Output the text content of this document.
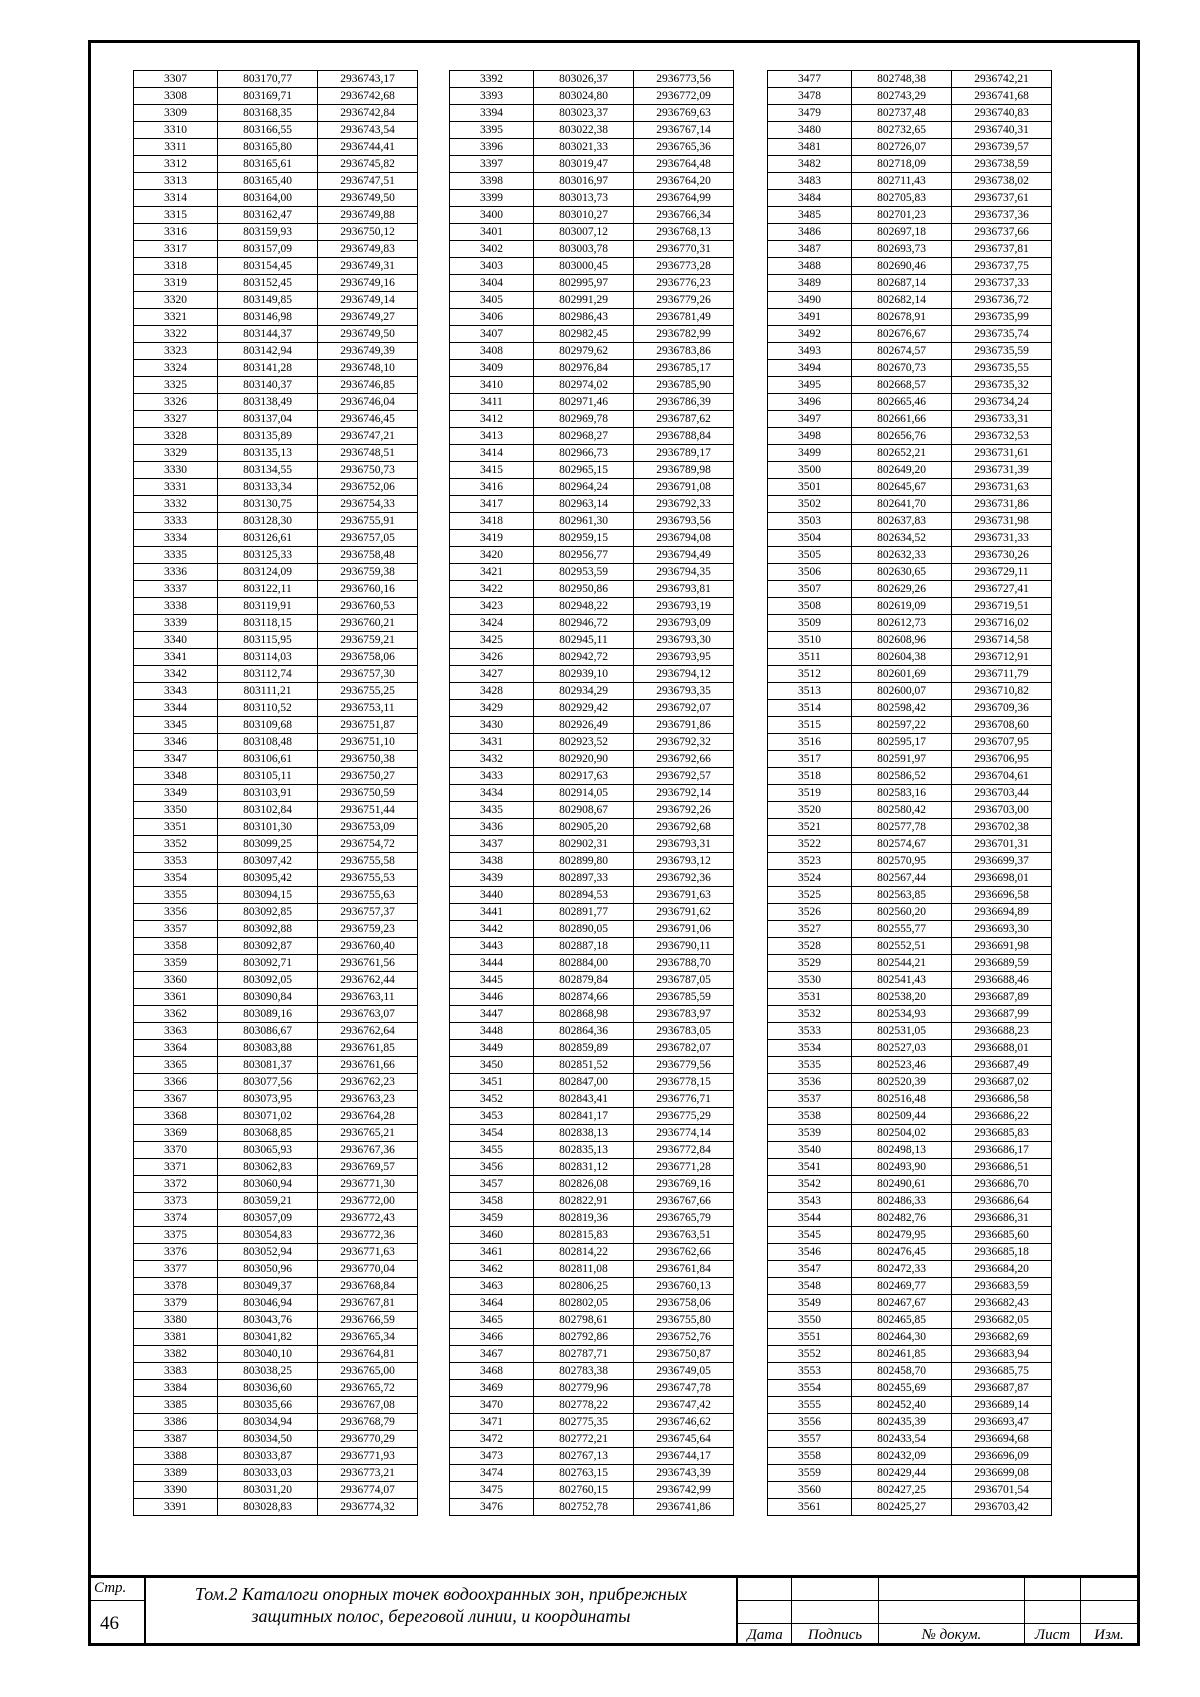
3307	803170,77	2936743,17
3308	803169,71	2936742,68
3309	803168,35	2936742,84
3310	803166,55	2936743,54
3311	803165,80	2936744,41
3312	803165,61	2936745,82
3313	803165,40	2936747,51
3314	803164,00	2936749,50
3315	803162,47	2936749,88
3316	803159,93	2936750,12
3317	803157,09	2936749,83
3318	803154,45	2936749,31
3319	803152,45	2936749,16
3320	803149,85	2936749,14
3321	803146,98	2936749,27
3322	803144,37	2936749,50
3323	803142,94	2936749,39
3324	803141,28	2936748,10
3325	803140,37	2936746,85
3326	803138,49	2936746,04
3327	803137,04	2936746,45
3328	803135,89	2936747,21
3329	803135,13	2936748,51
3330	803134,55	2936750,73
3331	803133,34	2936752,06
3332	803130,75	2936754,33
3333	803128,30	2936755,91
3334	803126,61	2936757,05
3335	803125,33	2936758,48
3336	803124,09	2936759,38
3337	803122,11	2936760,16
3338	803119,91	2936760,53
3339	803118,15	2936760,21
3340	803115,95	2936759,21
3341	803114,03	2936758,06
3342	803112,74	2936757,30
3343	803111,21	2936755,25
3344	803110,52	2936753,11
3345	803109,68	2936751,87
3346	803108,48	2936751,10
3347	803106,61	2936750,38
3348	803105,11	2936750,27
3349	803103,91	2936750,59
3350	803102,84	2936751,44
3351	803101,30	2936753,09
3352	803099,25	2936754,72
3353	803097,42	2936755,58
3354	803095,42	2936755,53
3355	803094,15	2936755,63
3356	803092,85	2936757,37
3357	803092,88	2936759,23
3358	803092,87	2936760,40
3359	803092,71	2936761,56
3360	803092,05	2936762,44
3361	803090,84	2936763,11
3362	803089,16	2936763,07
3363	803086,67	2936762,64
3364	803083,88	2936761,85
3365	803081,37	2936761,66
3366	803077,56	2936762,23
3367	803073,95	2936763,23
3368	803071,02	2936764,28
3369	803068,85	2936765,21
3370	803065,93	2936767,36
3371	803062,83	2936769,57
3372	803060,94	2936771,30
3373	803059,21	2936772,00
3374	803057,09	2936772,43
3375	803054,83	2936772,36
3376	803052,94	2936771,63
3377	803050,96	2936770,04
3378	803049,37	2936768,84
3379	803046,94	2936767,81
3380	803043,76	2936766,59
3381	803041,82	2936765,34
3382	803040,10	2936764,81
3383	803038,25	2936765,00
3384	803036,60	2936765,72
3385	803035,66	2936767,08
3386	803034,94	2936768,79
3387	803034,50	2936770,29
3388	803033,87	2936771,93
3389	803033,03	2936773,21
3390	803031,20	2936774,07
3391	803028,83	2936774,32
3392	803026,37	2936773,56
3393	803024,80	2936772,09
3394	803023,37	2936769,63
3395	803022,38	2936767,14
3396	803021,33	2936765,36
3397	803019,47	2936764,48
3398	803016,97	2936764,20
3399	803013,73	2936764,99
3400	803010,27	2936766,34
3401	803007,12	2936768,13
3402	803003,78	2936770,31
3403	803000,45	2936773,28
3404	802995,97	2936776,23
3405	802991,29	2936779,26
3406	802986,43	2936781,49
3407	802982,45	2936782,99
3408	802979,62	2936783,86
3409	802976,84	2936785,17
3410	802974,02	2936785,90
3411	802971,46	2936786,39
3412	802969,78	2936787,62
3413	802968,27	2936788,84
3414	802966,73	2936789,17
3415	802965,15	2936789,98
3416	802964,24	2936791,08
3417	802963,14	2936792,33
3418	802961,30	2936793,56
3419	802959,15	2936794,08
3420	802956,77	2936794,49
3421	802953,59	2936794,35
3422	802950,86	2936793,81
3423	802948,22	2936793,19
3424	802946,72	2936793,09
3425	802945,11	2936793,30
3426	802942,72	2936793,95
3427	802939,10	2936794,12
3428	802934,29	2936793,35
3429	802929,42	2936792,07
3430	802926,49	2936791,86
3431	802923,52	2936792,32
3432	802920,90	2936792,66
3433	802917,63	2936792,57
3434	802914,05	2936792,14
3435	802908,67	2936792,26
3436	802905,20	2936792,68
3437	802902,31	2936793,31
3438	802899,80	2936793,12
3439	802897,33	2936792,36
3440	802894,53	2936791,63
3441	802891,77	2936791,62
3442	802890,05	2936791,06
3443	802887,18	2936790,11
3444	802884,00	2936788,70
3445	802879,84	2936787,05
3446	802874,66	2936785,59
3447	802868,98	2936783,97
3448	802864,36	2936783,05
3449	802859,89	2936782,07
3450	802851,52	2936779,56
3451	802847,00	2936778,15
3452	802843,41	2936776,71
3453	802841,17	2936775,29
3454	802838,13	2936774,14
3455	802835,13	2936772,84
3456	802831,12	2936771,28
3457	802826,08	2936769,16
3458	802822,91	2936767,66
3459	802819,36	2936765,79
3460	802815,83	2936763,51
3461	802814,22	2936762,66
3462	802811,08	2936761,84
3463	802806,25	2936760,13
3464	802802,05	2936758,06
3465	802798,61	2936755,80
3466	802792,86	2936752,76
3467	802787,71	2936750,87
3468	802783,38	2936749,05
3469	802779,96	2936747,78
3470	802778,22	2936747,42
3471	802775,35	2936746,62
3472	802772,21	2936745,64
3473	802767,13	2936744,17
3474	802763,15	2936743,39
3475	802760,15	2936742,99
3476	802752,78	2936741,86
3477	802748,38	2936742,21
3478	802743,29	2936741,68
3479	802737,48	2936740,83
3480	802732,65	2936740,31
3481	802726,07	2936739,57
3482	802718,09	2936738,59
3483	802711,43	2936738,02
3484	802705,83	2936737,61
3485	802701,23	2936737,36
3486	802697,18	2936737,66
3487	802693,73	2936737,81
3488	802690,46	2936737,75
3489	802687,14	2936737,33
3490	802682,14	2936736,72
3491	802678,91	2936735,99
3492	802676,67	2936735,74
3493	802674,57	2936735,59
3494	802670,73	2936735,55
3495	802668,57	2936735,32
3496	802665,46	2936734,24
3497	802661,66	2936733,31
3498	802656,76	2936732,53
3499	802652,21	2936731,61
3500	802649,20	2936731,39
3501	802645,67	2936731,63
3502	802641,70	2936731,86
3503	802637,83	2936731,98
3504	802634,52	2936731,33
3505	802632,33	2936730,26
3506	802630,65	2936729,11
3507	802629,26	2936727,41
3508	802619,09	2936719,51
3509	802612,73	2936716,02
3510	802608,96	2936714,58
3511	802604,38	2936712,91
3512	802601,69	2936711,79
3513	802600,07	2936710,82
3514	802598,42	2936709,36
3515	802597,22	2936708,60
3516	802595,17	2936707,95
3517	802591,97	2936706,95
3518	802586,52	2936704,61
3519	802583,16	2936703,44
3520	802580,42	2936703,00
3521	802577,78	2936702,38
3522	802574,67	2936701,31
3523	802570,95	2936699,37
3524	802567,44	2936698,01
3525	802563,85	2936696,58
3526	802560,20	2936694,89
3527	802555,77	2936693,30
3528	802552,51	2936691,98
3529	802544,21	2936689,59
3530	802541,43	2936688,46
3531	802538,20	2936687,89
3532	802534,93	2936687,99
3533	802531,05	2936688,23
3534	802527,03	2936688,01
3535	802523,46	2936687,49
3536	802520,39	2936687,02
3537	802516,48	2936686,58
3538	802509,44	2936686,22
3539	802504,02	2936685,83
3540	802498,13	2936686,17
3541	802493,90	2936686,51
3542	802490,61	2936686,70
3543	802486,33	2936686,64
3544	802482,76	2936686,31
3545	802479,95	2936685,60
3546	802476,45	2936685,18
3547	802472,33	2936684,20
3548	802469,77	2936683,59
3549	802467,67	2936682,43
3550	802465,85	2936682,05
3551	802464,30	2936682,69
3552	802461,85	2936683,94
3553	802458,70	2936685,75
3554	802455,69	2936687,87
3555	802452,40	2936689,14
3556	802435,39	2936693,47
3557	802433,54	2936694,68
3558	802432,09	2936696,09
3559	802429,44	2936699,08
3560	802427,25	2936701,54
3561	802425,27	2936703,42
Стр.
46
Том.2 Каталоги опорных точек водоохранных зон, прибрежных
защитных полос, береговой линии, и координаты
Дата	Подпись	№ докум.	Лист	Изм.
